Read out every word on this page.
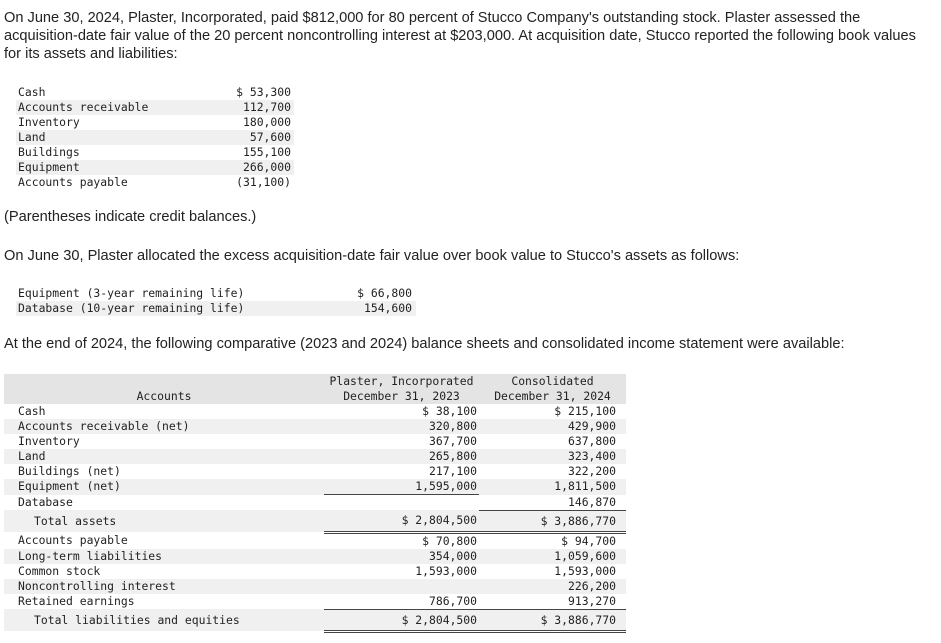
On June 30, 2024, Plaster, Incorporated, paid $812,000 for 80 percent of Stucco Company's outstanding stock. Plaster assessed the acquisition-date fair value of the 20 percent noncontrolling interest at $203,000. At acquisition date, Stucco reported the following book values for its assets and liabilities:
Cash	$ 53,300
Accounts receivable	112,700
Inventory	180,000
Land	57,600
Buildings	155,100
Equipment	266,000
Accounts payable	(31,100)
(Parentheses indicate credit balances.)
On June 30, Plaster allocated the excess acquisition-date fair value over book value to Stucco's assets as follows:
Equipment (3-year remaining life)	$ 66,800
Database (10-year remaining life)	154,600
At the end of 2024, the following comparative (2023 and 2024) balance sheets and consolidated income statement were available:
	Plaster, Incorporated	Consolidated
Accounts	December 31, 2023	December 31, 2024
Cash	$ 38,100	$ 215,100
Accounts receivable (net)	320,800	429,900
Inventory	367,700	637,800
Land	265,800	323,400
Buildings (net)	217,100	322,200
Equipment (net)	1,595,000	1,811,500
Database		146,870
Total assets	$ 2,804,500	$ 3,886,770
Accounts payable	$ 70,800	$ 94,700
Long-term liabilities	354,000	1,059,600
Common stock	1,593,000	1,593,000
Noncontrolling interest		226,200
Retained earnings	786,700	913,270
Total liabilities and equities	$ 2,804,500	$ 3,886,770
